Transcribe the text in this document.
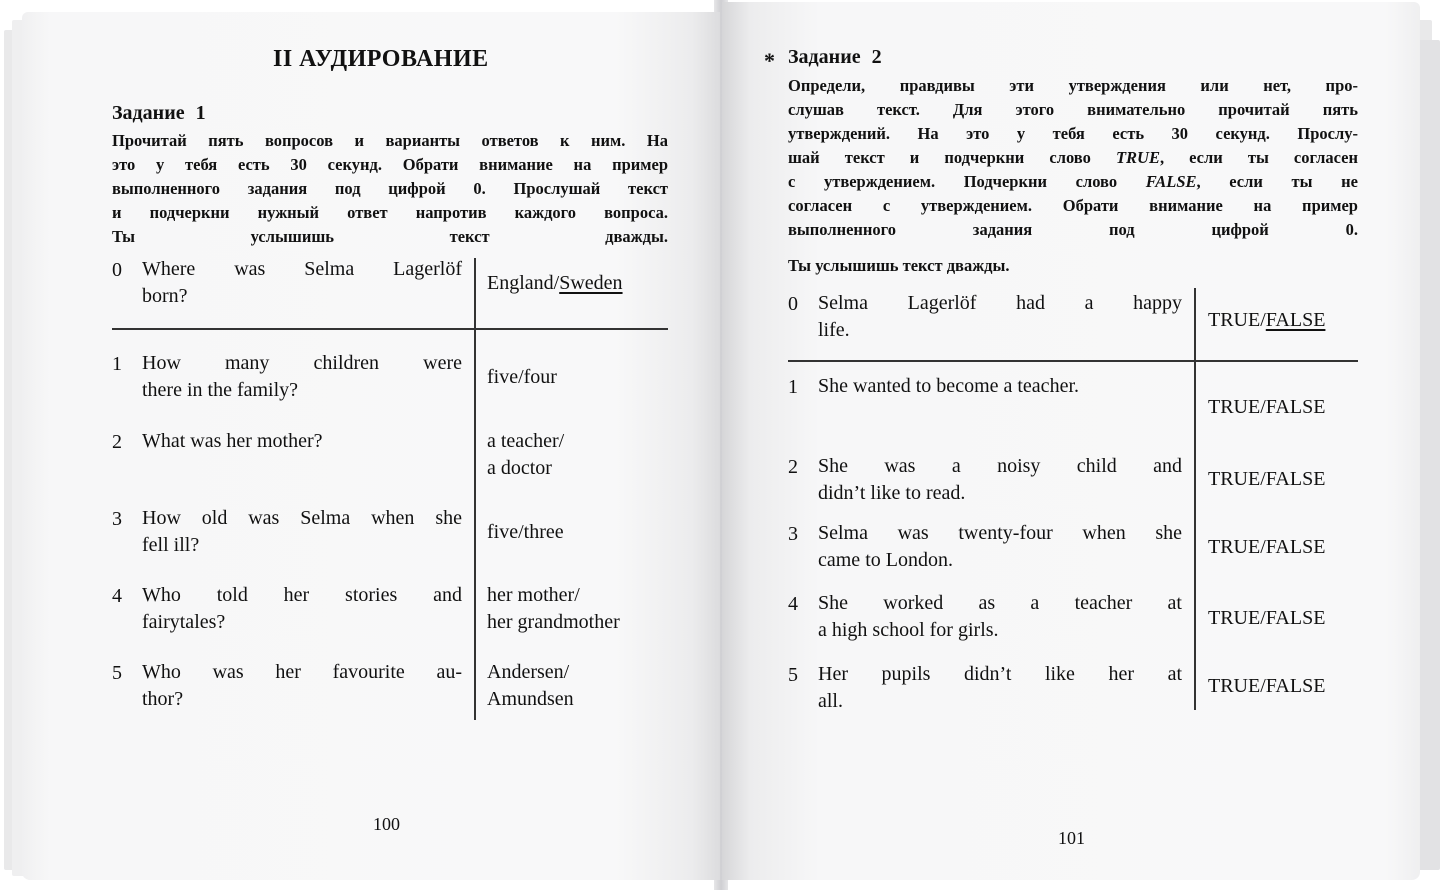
II АУДИРОВАНИЕ
Задание 1
Прочитай пять вопросов и варианты ответов к ним. На
это у тебя есть 30 секунд. Обрати внимание на пример
выполненного задания под цифрой 0. Прослушай текст
и подчеркни нужный ответ напротив каждого вопроса.
Ты услышишь текст дважды.
0 Where was Selma Lagerlöf
born?
England/Sweden
1 How many children were
there in the family?
five/four
2 What was her mother?	a teacher/
a doctor
3 How old was Selma when she
fell ill?
five/three
4 Who told her stories and
fairytales?
her mother/
her grandmother
5 Who was her favourite au-
thor?
Andersen/
Amundsen
100
* Задание 2
Определи, правдивы эти утверждения или нет, про-
слушав текст. Для этого внимательно прочитай пять
утверждений. На это у тебя есть 30 секунд. Прослу-
шай текст и подчеркни слово TRUE, если ты согласен
с утверждением. Подчеркни слово FALSE, если ты не
согласен с утверждением. Обрати внимание на пример
выполненного задания под цифрой 0.
Ты услышишь текст дважды.
0 Selma Lagerlöf had a happy
life.	TRUE/FALSE
1 She wanted to become a teacher.
TRUE/FALSE
2 She was a noisy child and
didn’t like to read.
TRUE/FALSE
3 Selma was twenty-four when she
came to London.
TRUE/FALSE
4 She worked as a teacher at
a high school for girls.
TRUE/FALSE
5 Her pupils didn’t like her at
all.
TRUE/FALSE
101
